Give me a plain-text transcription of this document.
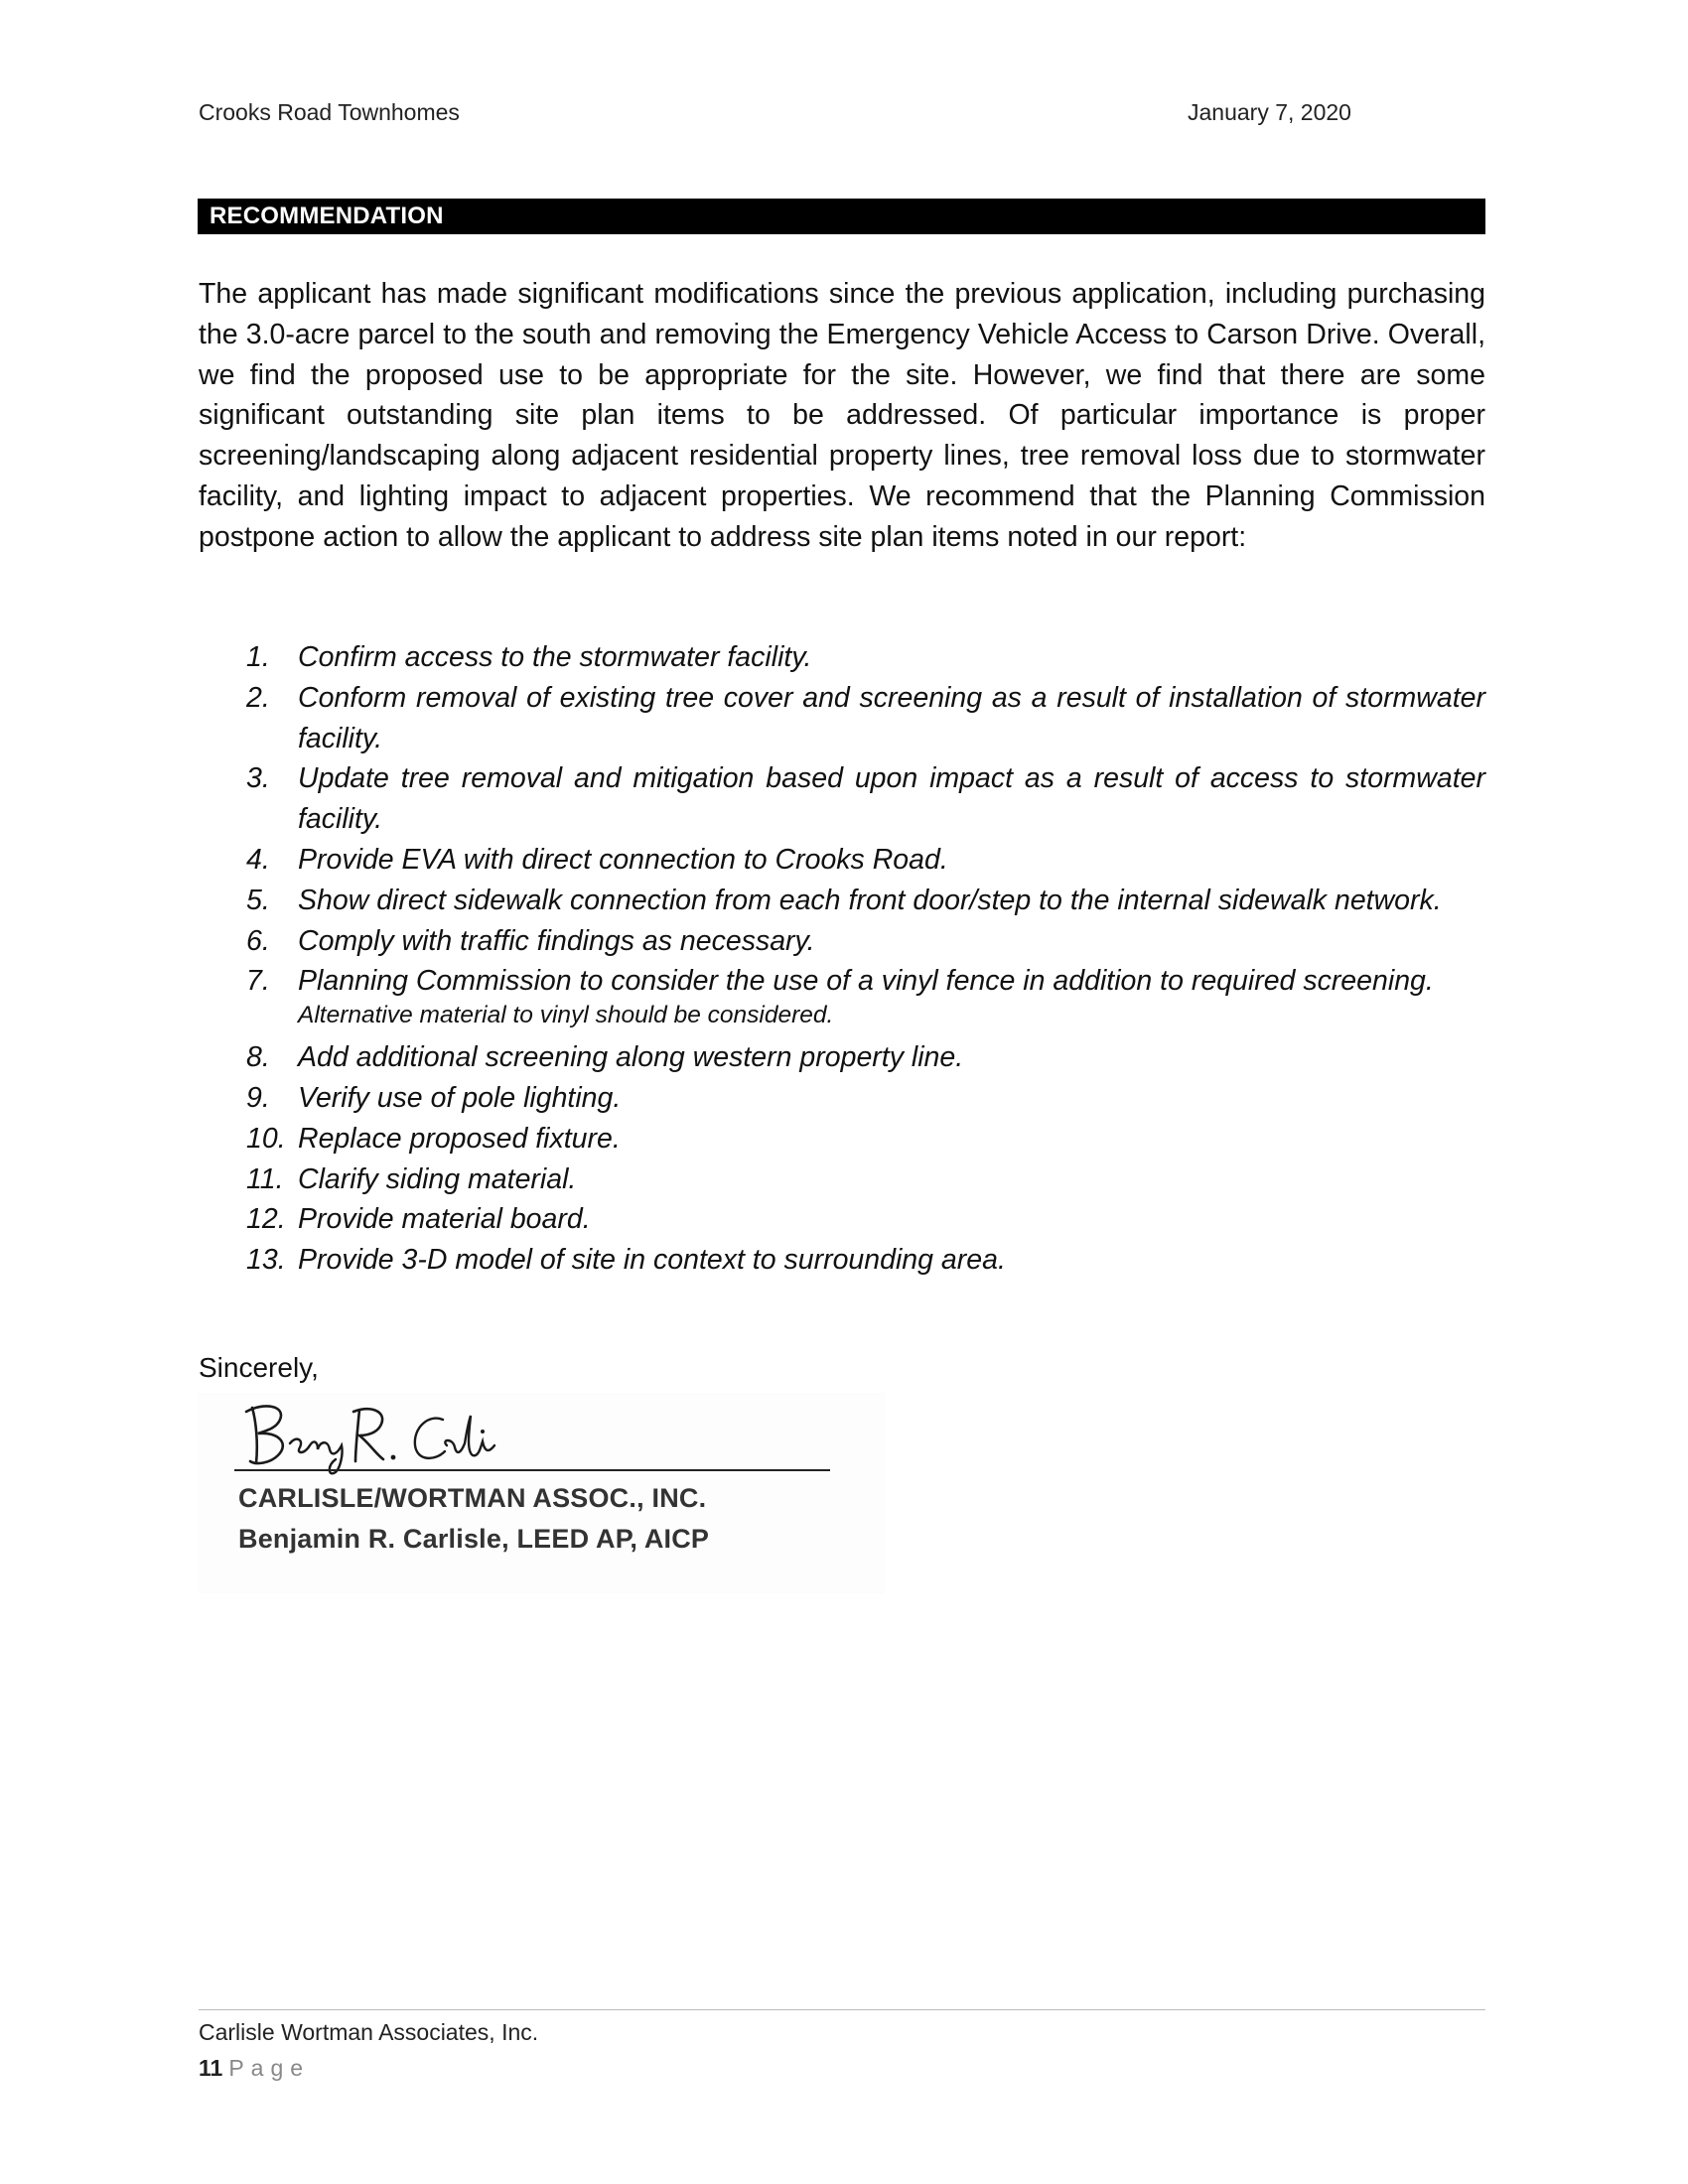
Crooks Road Townhomes	January 7, 2020
RECOMMENDATION
The applicant has made significant modifications since the previous application, including purchasing the 3.0-acre parcel to the south and removing the Emergency Vehicle Access to Carson Drive. Overall, we find the proposed use to be appropriate for the site. However, we find that there are some significant outstanding site plan items to be addressed. Of particular importance is proper screening/landscaping along adjacent residential property lines, tree removal loss due to stormwater facility, and lighting impact to adjacent properties. We recommend that the Planning Commission postpone action to allow the applicant to address site plan items noted in our report:
1. Confirm access to the stormwater facility.
2. Conform removal of existing tree cover and screening as a result of installation of stormwater facility.
3. Update tree removal and mitigation based upon impact as a result of access to stormwater facility.
4. Provide EVA with direct connection to Crooks Road.
5. Show direct sidewalk connection from each front door/step to the internal sidewalk network.
6. Comply with traffic findings as necessary.
7. Planning Commission to consider the use of a vinyl fence in addition to required screening.
Alternative material to vinyl should be considered.
8. Add additional screening along western property line.
9. Verify use of pole lighting.
10. Replace proposed fixture.
11. Clarify siding material.
12. Provide material board.
13. Provide 3-D model of site in context to surrounding area.
Sincerely,
CARLISLE/WORTMAN ASSOC., INC.
Benjamin R. Carlisle, LEED AP, AICP
Carlisle Wortman Associates, Inc.
11 Page
